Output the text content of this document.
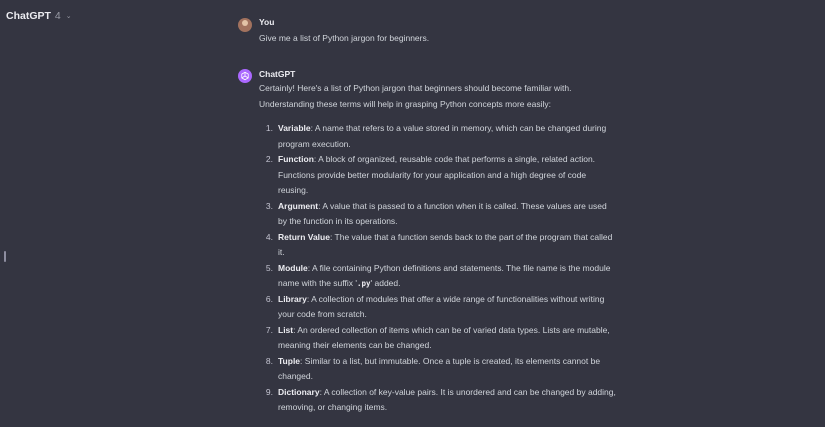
ChatGPT 4 ⌄
You
Give me a list of Python jargon for beginners.
ChatGPT
Certainly! Here's a list of Python jargon that beginners should become familiar with. Understanding these terms will help in grasping Python concepts more easily:
1. Variable: A name that refers to a value stored in memory, which can be changed during program execution.
2. Function: A block of organized, reusable code that performs a single, related action. Functions provide better modularity for your application and a high degree of code reusing.
3. Argument: A value that is passed to a function when it is called. These values are used by the function in its operations.
4. Return Value: The value that a function sends back to the part of the program that called it.
5. Module: A file containing Python definitions and statements. The file name is the module name with the suffix '.py' added.
6. Library: A collection of modules that offer a wide range of functionalities without writing your code from scratch.
7. List: An ordered collection of items which can be of varied data types. Lists are mutable, meaning their elements can be changed.
8. Tuple: Similar to a list, but immutable. Once a tuple is created, its elements cannot be changed.
9. Dictionary: A collection of key-value pairs. It is unordered and can be changed by adding, removing, or changing items.
